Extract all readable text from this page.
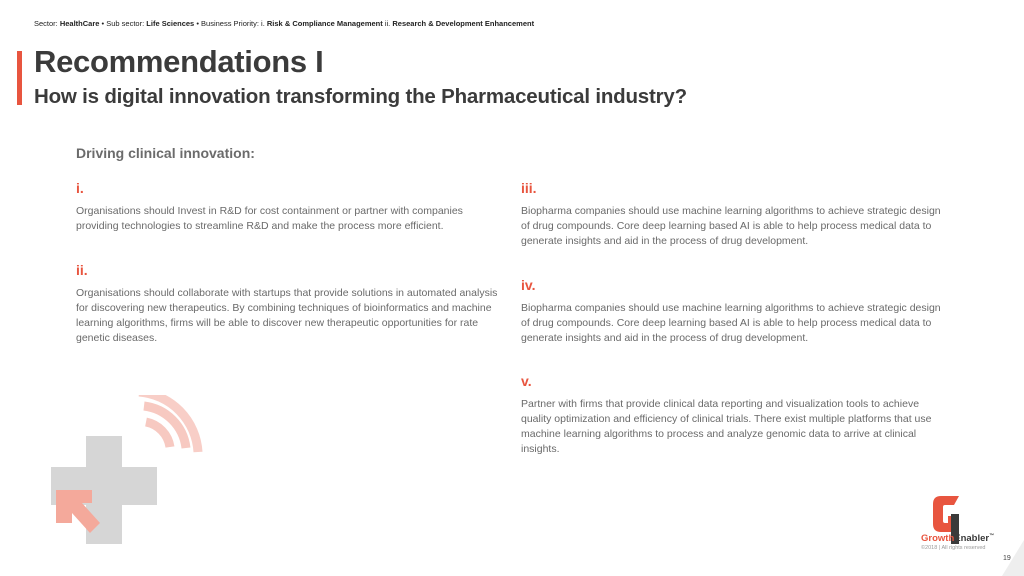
Sector: HealthCare • Sub sector: Life Sciences • Business Priority: i. Risk & Compliance Management ii. Research & Development Enhancement
Recommendations I
How is digital innovation transforming the Pharmaceutical industry?
Driving clinical innovation:
i.
Organisations should Invest in R&D for cost containment or partner with companies providing technologies to streamline R&D and make the process more efficient.
ii.
Organisations should collaborate with startups that provide solutions in automated analysis for discovering new therapeutics. By combining techniques of bioinformatics and machine learning algorithms, firms will be able to discover new therapeutic opportunities for rate genetic diseases.
iii.
Biopharma companies should use machine learning algorithms to achieve strategic design of drug compounds. Core deep learning based AI is able to help process medical data to generate insights and aid in the process of drug development.
iv.
Biopharma companies should use machine learning algorithms to achieve strategic design of drug compounds. Core deep learning based AI is able to help process medical data to generate insights and aid in the process of drug development.
v.
Partner with firms that provide clinical data reporting and visualization tools to achieve quality optimization and efficiency of clinical trials. There exist multiple platforms that use machine learning algorithms to process and analyze genomic data to arrive at clinical insights.
GrowthEnabler™
©2018 | All rights reserved
19
